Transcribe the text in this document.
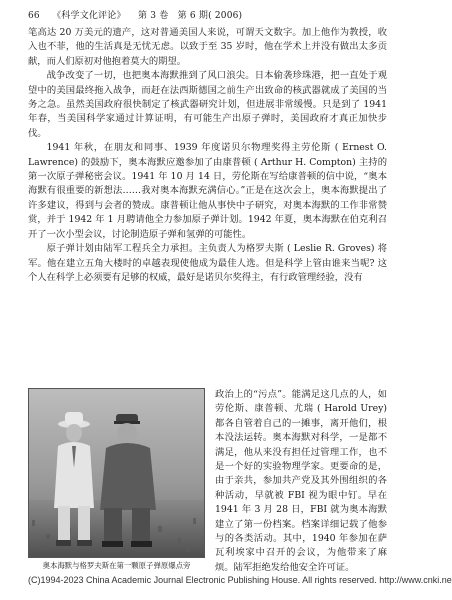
66 《科学文化评论》 第 3 卷　第 6 期( 2006)

笔高达 20 万美元的遗产，这对普通美国人来说，可谓天文数字。加上他作为教授，收入也不菲，他的生活真是无忧无虑。以致于至 35 岁时，他在学术上并没有做出太多贡献，而人们原初对他抱着莫大的期望。

战争改变了一切，也把奥本海默推到了风口浪尖。日本偷袭珍珠港，把一直处于观望中的美国最终拖入战争，而赶在法西斯德国之前生产出致命的核武器就成了美国的当务之急。虽然美国政府很快制定了核武器研究计划，但进展非常缓慢。只是到了 1941 年春，当美国科学家通过计算证明，有可能生产出原子弹时，美国政府才真正加快步伐。

1941 年秋，在朋友和同事、1939 年度诺贝尔物理奖得主劳伦斯 ( Ernest O. Lawrence) 的鼓励下，奥本海默应邀参加了由康普顿 ( Arthur H. Compton) 主持的第一次原子弹秘密会议。1941 年 10 月 14 日，劳伦斯在写给康普顿的信中说，“奥本海默有很重要的新想法……我对奥本海默充满信心。”正是在这次会上，奥本海默提出了许多建议，得到与会者的赞成。康普顿让他从事快中子研究，对奥本海默的工作非常赞赏，并于 1942 年 1 月聘请他全力参加原子弹计划。1942 年夏，奥本海默在伯克利召开了一次小型会议，讨论制造原子弹和氢弹的可能性。

原子弹计划由陆军工程兵全力承担。主负责人为格罗夫斯 ( Leslie R. Groves) 将军。他在建立五角大楼时的卓越表现使他成为最佳人选。但是科学上管由谁来当呢? 这个人在科学上必须要有足够的权威，最好是诺贝尔奖得主，有行政管理经验，没有

奥本海默与格罗夫斯在第一颗原子弹原爆点旁

政治上的“污点”。能满足这几点的人，如劳伦斯、康普顿、尤瑞 ( Harold Urey) 都各自管着自己的一摊事，离开他们，根本没法运转。奥本海默对科学，一是都不满足，他从来没有担任过管理工作，也不是一个好的实验物理学家。更要命的是，由于亲共，参加共产党及其外围组织的各种活动，早就被 FBI 视为眼中钉。早在 1941 年 3 月 28 日，FBI 就为奥本海默建立了第一份档案。档案详细记载了他参与的各类活动。其中，1940 年参加在萨瓦利埃家中召开的会议，为他带来了麻烦。陆军拒绝发给他安全许可证。

(C)1994-2023 China Academic Journal Electronic Publishing House. All rights reserved. http://www.cnki.ne
